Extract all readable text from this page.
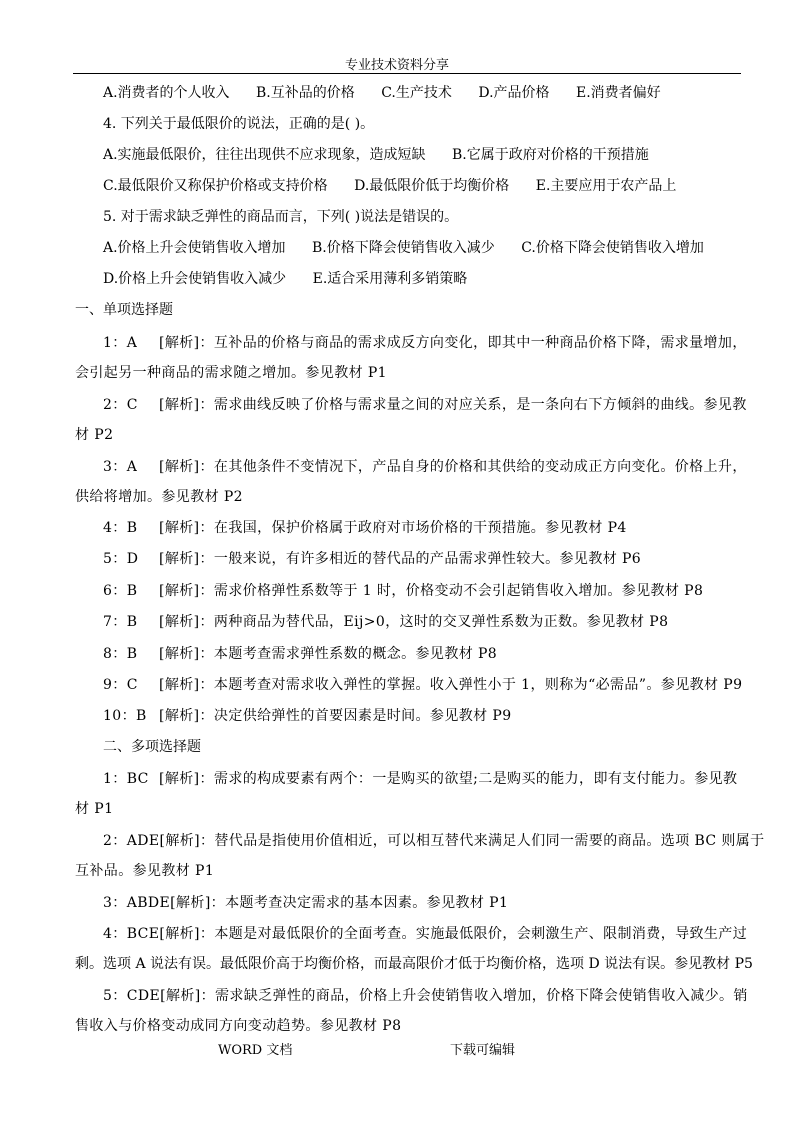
专业技术资料分享
A.消费者的个人收入 B.互补品的价格 C.生产技术 D.产品价格 E.消费者偏好
4. 下列关于最低限价的说法，正确的是( )。
A.实施最低限价，往往出现供不应求现象，造成短缺 B.它属于政府对价格的干预措施
C.最低限价又称保护价格或支持价格 D.最低限价低于均衡价格 E.主要应用于农产品上
5. 对于需求缺乏弹性的商品而言，下列( )说法是错误的。
A.价格上升会使销售收入增加 B.价格下降会使销售收入减少 C.价格下降会使销售收入增加
D.价格上升会使销售收入减少 E.适合采用薄利多销策略
一、单项选择题
1：A [解析]：互补品的价格与商品的需求成反方向变化，即其中一种商品价格下降，需求量增加，
会引起另一种商品的需求随之增加。参见教材 P1
2：C [解析]：需求曲线反映了价格与需求量之间的对应关系，是一条向右下方倾斜的曲线。参见教
材 P2
3：A [解析]：在其他条件不变情况下，产品自身的价格和其供给的变动成正方向变化。价格上升，
供给将增加。参见教材 P2
4：B [解析]：在我国，保护价格属于政府对市场价格的干预措施。参见教材 P4
5：D [解析]：一般来说，有许多相近的替代品的产品需求弹性较大。参见教材 P6
6：B [解析]：需求价格弹性系数等于 1 时，价格变动不会引起销售收入增加。参见教材 P8
7：B [解析]：两种商品为替代品，Eij>0，这时的交叉弹性系数为正数。参见教材 P8
8：B [解析]：本题考查需求弹性系数的概念。参见教材 P8
9：C [解析]：本题考查对需求收入弹性的掌握。收入弹性小于 1，则称为“必需品”。参见教材 P9
10：B [解析]：决定供给弹性的首要因素是时间。参见教材 P9
二、多项选择题
1：BC [解析]：需求的构成要素有两个：一是购买的欲望;二是购买的能力，即有支付能力。参见教
材 P1
2：ADE[解析]：替代品是指使用价值相近，可以相互替代来满足人们同一需要的商品。选项 BC 则属于
互补品。参见教材 P1
3：ABDE[解析]：本题考查决定需求的基本因素。参见教材 P1
4：BCE[解析]：本题是对最低限价的全面考查。实施最低限价，会刺激生产、限制消费，导致生产过
剩。选项 A 说法有误。最低限价高于均衡价格，而最高限价才低于均衡价格，选项 D 说法有误。参见教材 P5
5：CDE[解析]：需求缺乏弹性的商品，价格上升会使销售收入增加，价格下降会使销售收入减少。销
售收入与价格变动成同方向变动趋势。参见教材 P8
WORD 文档	下载可编辑
